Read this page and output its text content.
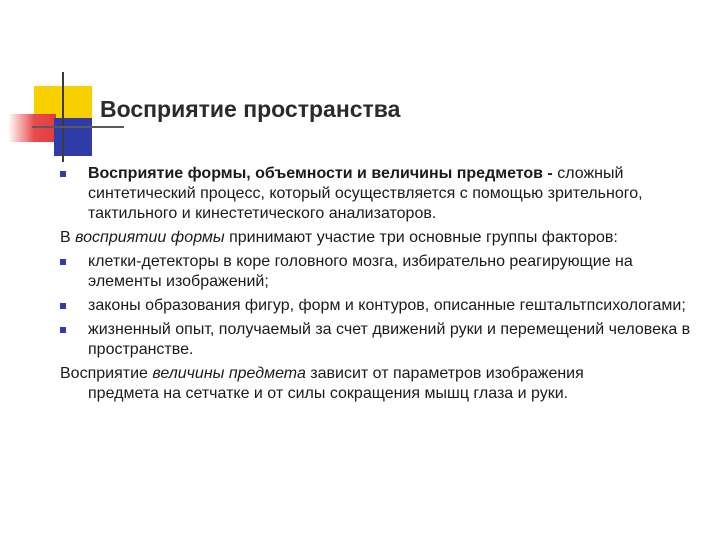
Восприятие пространства
Восприятие формы, объемности и величины предметов - сложный синтетический процесс, который осуществляется с помощью зрительного, тактильного и кинестетического анализаторов.
В восприятии формы принимают участие три основные группы факторов:
клетки-детекторы в коре головного мозга, избирательно реагирующие на элементы изображений;
законы образования фигур, форм и контуров, описанные гештальтпсихологами;
жизненный опыт, получаемый за счет движений руки и перемещений человека в пространстве.
Восприятие величины предмета зависит от параметров изображения
предмета на сетчатке и от силы сокращения мышц глаза и руки.
